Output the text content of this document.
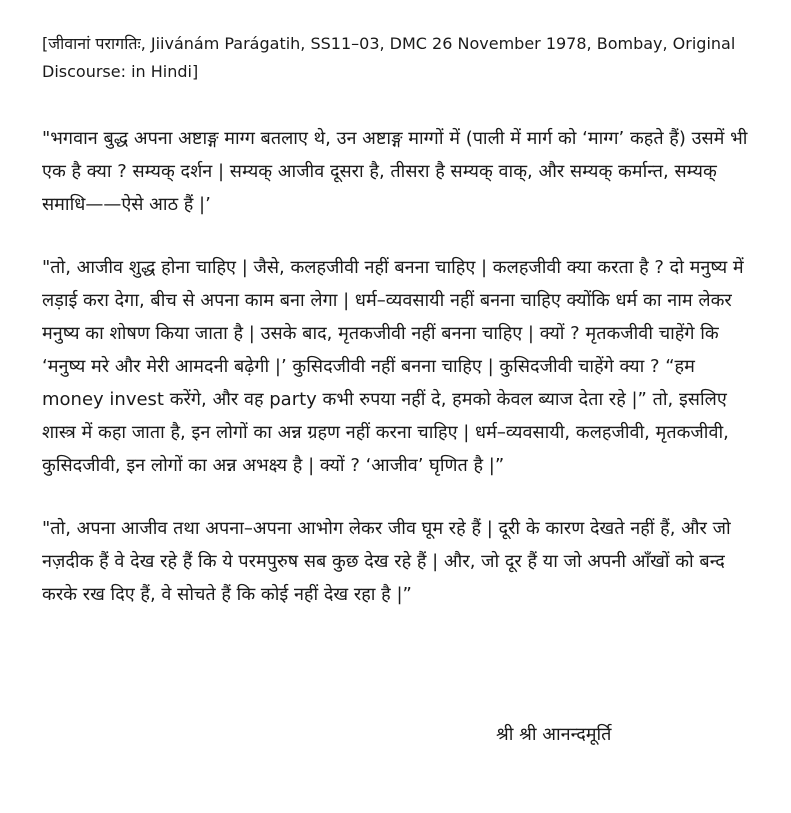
[जीवानां परागतिः, Jiivánám Parágatih, SS11–03, DMC 26 November 1978, Bombay, Original Discourse: in Hindi]
"भगवान बुद्ध अपना अष्टाङ्ग माग्ग बतलाए थे, उन अष्टाङ्ग माग्गों में (पाली में मार्ग को ‘माग्ग’ कहते हैं) उसमें भी एक है क्या ? सम्यक् दर्शन | सम्यक् आजीव दूसरा है, तीसरा है सम्यक् वाक्, और सम्यक् कर्मान्त, सम्यक् समाधि——ऐसे आठ हैं |’
"तो, आजीव शुद्ध होना चाहिए | जैसे, कलहजीवी नहीं बनना चाहिए | कलहजीवी क्या करता है ? दो मनुष्य में लड़ाई करा देगा, बीच से अपना काम बना लेगा | धर्म–व्यवसायी नहीं बनना चाहिए क्योंकि धर्म का नाम लेकर मनुष्य का शोषण किया जाता है | उसके बाद, मृतकजीवी नहीं बनना चाहिए | क्यों ? मृतकजीवी चाहेंगे कि ‘मनुष्य मरे और मेरी आमदनी बढ़ेगी |’ कुसिदजीवी नहीं बनना चाहिए | कुसिदजीवी चाहेंगे क्या ? “हम money invest करेंगे, और वह party कभी रुपया नहीं दे, हमको केवल ब्याज देता रहे |” तो, इसलिए शास्त्र में कहा जाता है, इन लोगों का अन्न ग्रहण नहीं करना चाहिए | धर्म–व्यवसायी, कलहजीवी, मृतकजीवी, कुसिदजीवी, इन लोगों का अन्न अभक्ष्य है | क्यों ? ‘आजीव’ घृणित है |”
"तो, अपना आजीव तथा अपना–अपना आभोग लेकर जीव घूम रहे हैं | दूरी के कारण देखते नहीं हैं, और जो नज़दीक हैं वे देख रहे हैं कि ये परमपुरुष सब कुछ देख रहे हैं | और, जो दूर हैं या जो अपनी आँखों को बन्द करके रख दिए हैं, वे सोचते हैं कि कोई नहीं देख रहा है |”
श्री श्री आनन्दमूर्ति
